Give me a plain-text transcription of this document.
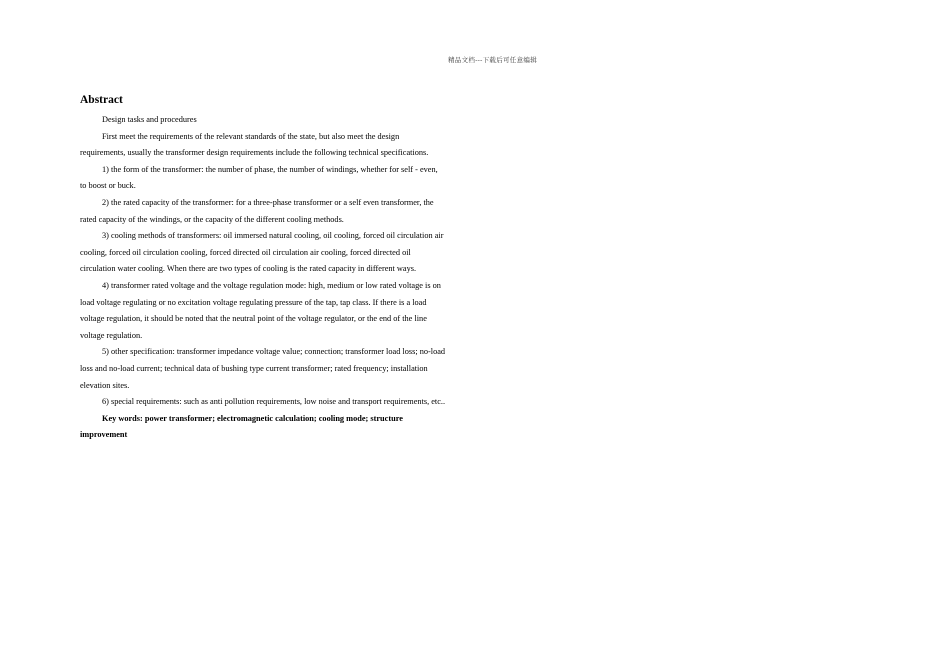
精品文档---下载后可任意编辑
Abstract

Design tasks and procedures

First meet the requirements of the relevant standards of the state, but also meet the design
requirements, usually the transformer design requirements include the following technical specifications.

1) the form of the transformer: the number of phase, the number of windings, whether for self - even,
to boost or buck.

2) the rated capacity of the transformer: for a three-phase transformer or a self even transformer, the
rated capacity of the windings, or the capacity of the different cooling methods.

3) cooling methods of transformers: oil immersed natural cooling, oil cooling, forced oil circulation air
cooling, forced oil circulation cooling, forced directed oil circulation air cooling, forced directed oil
circulation water cooling. When there are two types of cooling is the rated capacity in different ways.

4) transformer rated voltage and the voltage regulation mode: high, medium or low rated voltage is on
load voltage regulating or no excitation voltage regulating pressure of the tap, tap class. If there is a load
voltage regulation, it should be noted that the neutral point of the voltage regulator, or the end of the line
voltage regulation.

5) other specification: transformer impedance voltage value; connection; transformer load loss; no-load
loss and no-load current; technical data of bushing type current transformer; rated frequency; installation
elevation sites.

6) special requirements: such as anti pollution requirements, low noise and transport requirements, etc..

Key words: power transformer; electromagnetic calculation; cooling mode; structure
improvement
